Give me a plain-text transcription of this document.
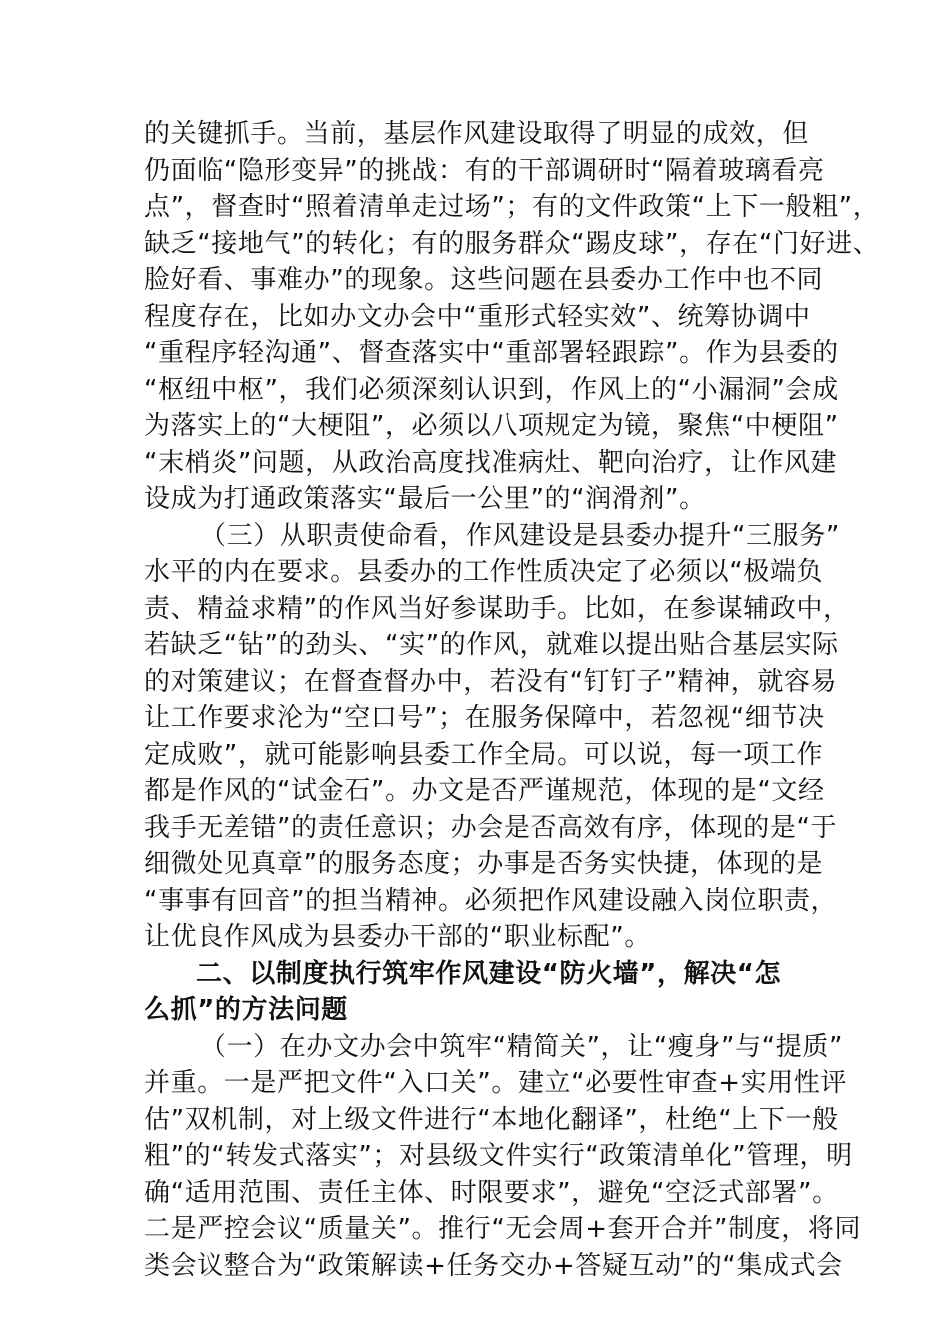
的关键抓手。当前，基层作风建设取得了明显的成效，但
仍面临“隐形变异”的挑战：有的干部调研时“隔着玻璃看亮
点”，督查时“照着清单走过场”；有的文件政策“上下一般粗”，
缺乏“接地气”的转化；有的服务群众“踢皮球”，存在“门好进、
脸好看、事难办”的现象。这些问题在县委办工作中也不同
程度存在，比如办文办会中“重形式轻实效”、统筹协调中
“重程序轻沟通”、督查落实中“重部署轻跟踪”。作为县委的
“枢纽中枢”，我们必须深刻认识到，作风上的“小漏洞”会成
为落实上的“大梗阻”，必须以八项规定为镜，聚焦“中梗阻”
“末梢炎”问题，从政治高度找准病灶、靶向治疗，让作风建
设成为打通政策落实“最后一公里”的“润滑剂”。
（三）从职责使命看，作风建设是县委办提升“三服务”
水平的内在要求。县委办的工作性质决定了必须以“极端负
责、精益求精”的作风当好参谋助手。比如，在参谋辅政中，
若缺乏“钻”的劲头、“实”的作风，就难以提出贴合基层实际
的对策建议；在督查督办中，若没有“钉钉子”精神，就容易
让工作要求沦为“空口号”；在服务保障中，若忽视“细节决
定成败”，就可能影响县委工作全局。可以说，每一项工作
都是作风的“试金石”。办文是否严谨规范，体现的是“文经
我手无差错”的责任意识；办会是否高效有序，体现的是“于
细微处见真章”的服务态度；办事是否务实快捷，体现的是
“事事有回音”的担当精神。必须把作风建设融入岗位职责，
让优良作风成为县委办干部的“职业标配”。
二、以制度执行筑牢作风建设“防火墙”，解决“怎
么抓”的方法问题
（一）在办文办会中筑牢“精简关”，让“瘦身”与“提质”
并重。一是严把文件“入口关”。建立“必要性审查+实用性评
估”双机制，对上级文件进行“本地化翻译”，杜绝“上下一般
粗”的“转发式落实”；对县级文件实行“政策清单化”管理，明
确“适用范围、责任主体、时限要求”，避免“空泛式部署”。
二是严控会议“质量关”。推行“无会周+套开合并”制度，将同
类会议整合为“政策解读+任务交办+答疑互动”的“集成式会
